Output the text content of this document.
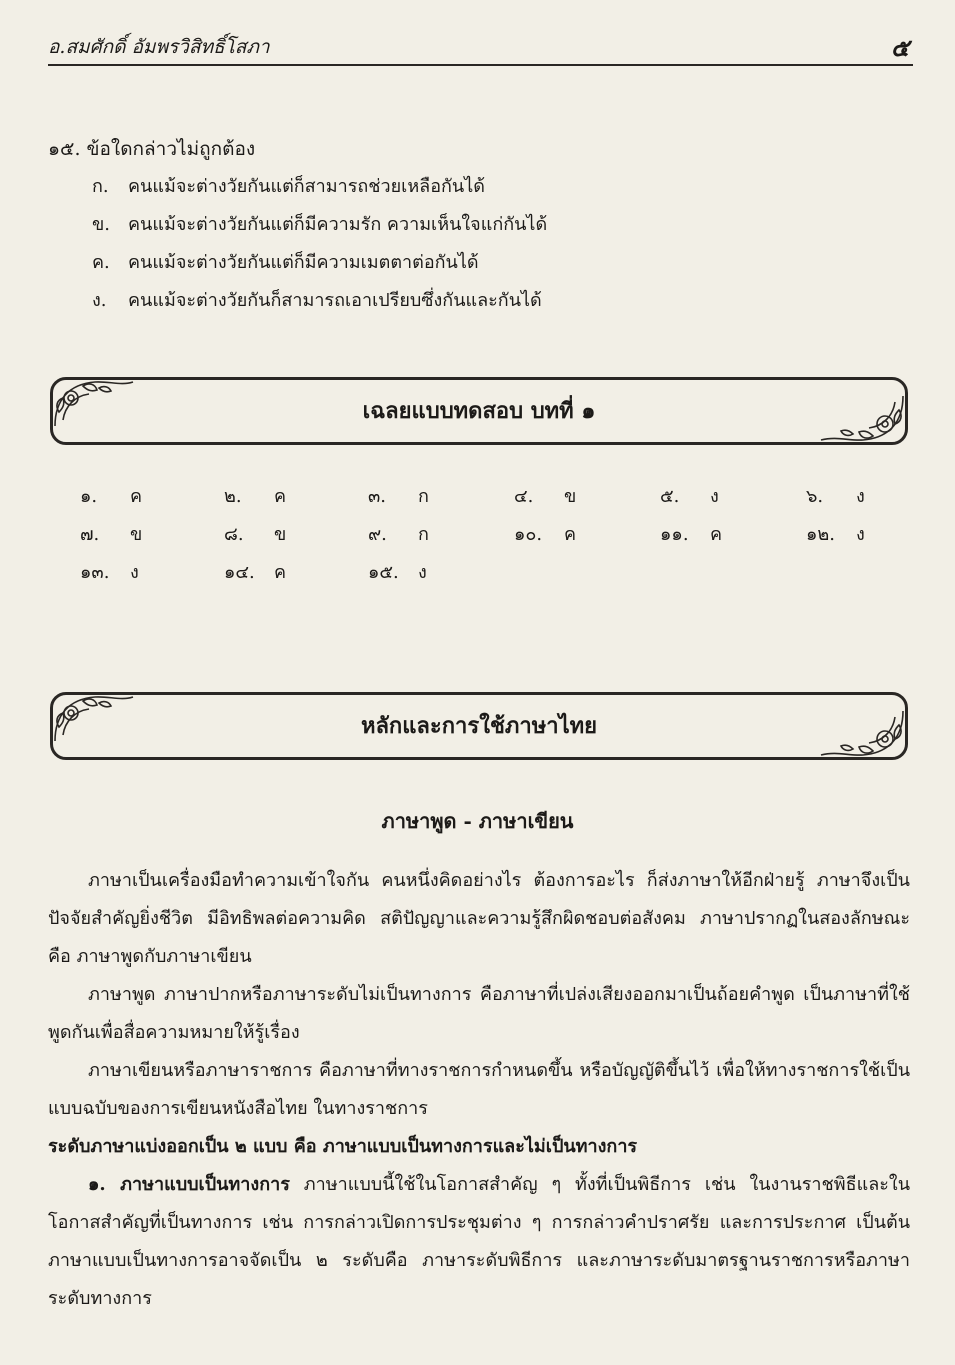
อ.สมศักดิ์ อัมพรวิสิทธิ์โสภา	๕
๑๕. ข้อใดกล่าวไม่ถูกต้อง
ก. คนแม้จะต่างวัยกันแต่ก็สามารถช่วยเหลือกันได้
ข. คนแม้จะต่างวัยกันแต่ก็มีความรัก ความเห็นใจแก่กันได้
ค. คนแม้จะต่างวัยกันแต่ก็มีความเมตตาต่อกันได้
ง. คนแม้จะต่างวัยกันก็สามารถเอาเปรียบซึ่งกันและกันได้
เฉลยแบบทดสอบ บทที่ ๑
๑. ค	๒. ค	๓. ก	๔. ข	๕. ง	๖. ง
๗. ข	๘. ข	๙. ก	๑๐. ค	๑๑. ค	๑๒. ง
๑๓. ง	๑๔. ค	๑๕. ง
หลักและการใช้ภาษาไทย
ภาษาพูด - ภาษาเขียน

ภาษาเป็นเครื่องมือทำความเข้าใจกัน คนหนึ่งคิดอย่างไร ต้องการอะไร ก็ส่งภาษาให้อีกฝ่ายรู้ ภาษาจึงเป็นปัจจัยสำคัญยิ่งชีวิต มีอิทธิพลต่อความคิด สติปัญญาและความรู้สึกผิดชอบต่อสังคม ภาษาปรากฏในสองลักษณะ คือ ภาษาพูดกับภาษาเขียน

ภาษาพูด ภาษาปากหรือภาษาระดับไม่เป็นทางการ คือภาษาที่เปล่งเสียงออกมาเป็นถ้อยคำพูด เป็นภาษาที่ใช้พูดกันเพื่อสื่อความหมายให้รู้เรื่อง

ภาษาเขียนหรือภาษาราชการ คือภาษาที่ทางราชการกำหนดขึ้น หรือบัญญัติขึ้นไว้ เพื่อให้ทางราชการใช้เป็นแบบฉบับของการเขียนหนังสือไทย ในทางราชการ

ระดับภาษาแบ่งออกเป็น ๒ แบบ คือ ภาษาแบบเป็นทางการและไม่เป็นทางการ

๑. ภาษาแบบเป็นทางการ ภาษาแบบนี้ใช้ในโอกาสสำคัญ ๆ ทั้งที่เป็นพิธีการ เช่น ในงานราชพิธีและในโอกาสสำคัญที่เป็นทางการ เช่น การกล่าวเปิดการประชุมต่าง ๆ การกล่าวคำปราศรัย และการประกาศ เป็นต้น ภาษาแบบเป็นทางการอาจจัดเป็น ๒ ระดับคือ ภาษาระดับพิธีการ และภาษาระดับมาตรฐานราชการหรือภาษาระดับทางการ
